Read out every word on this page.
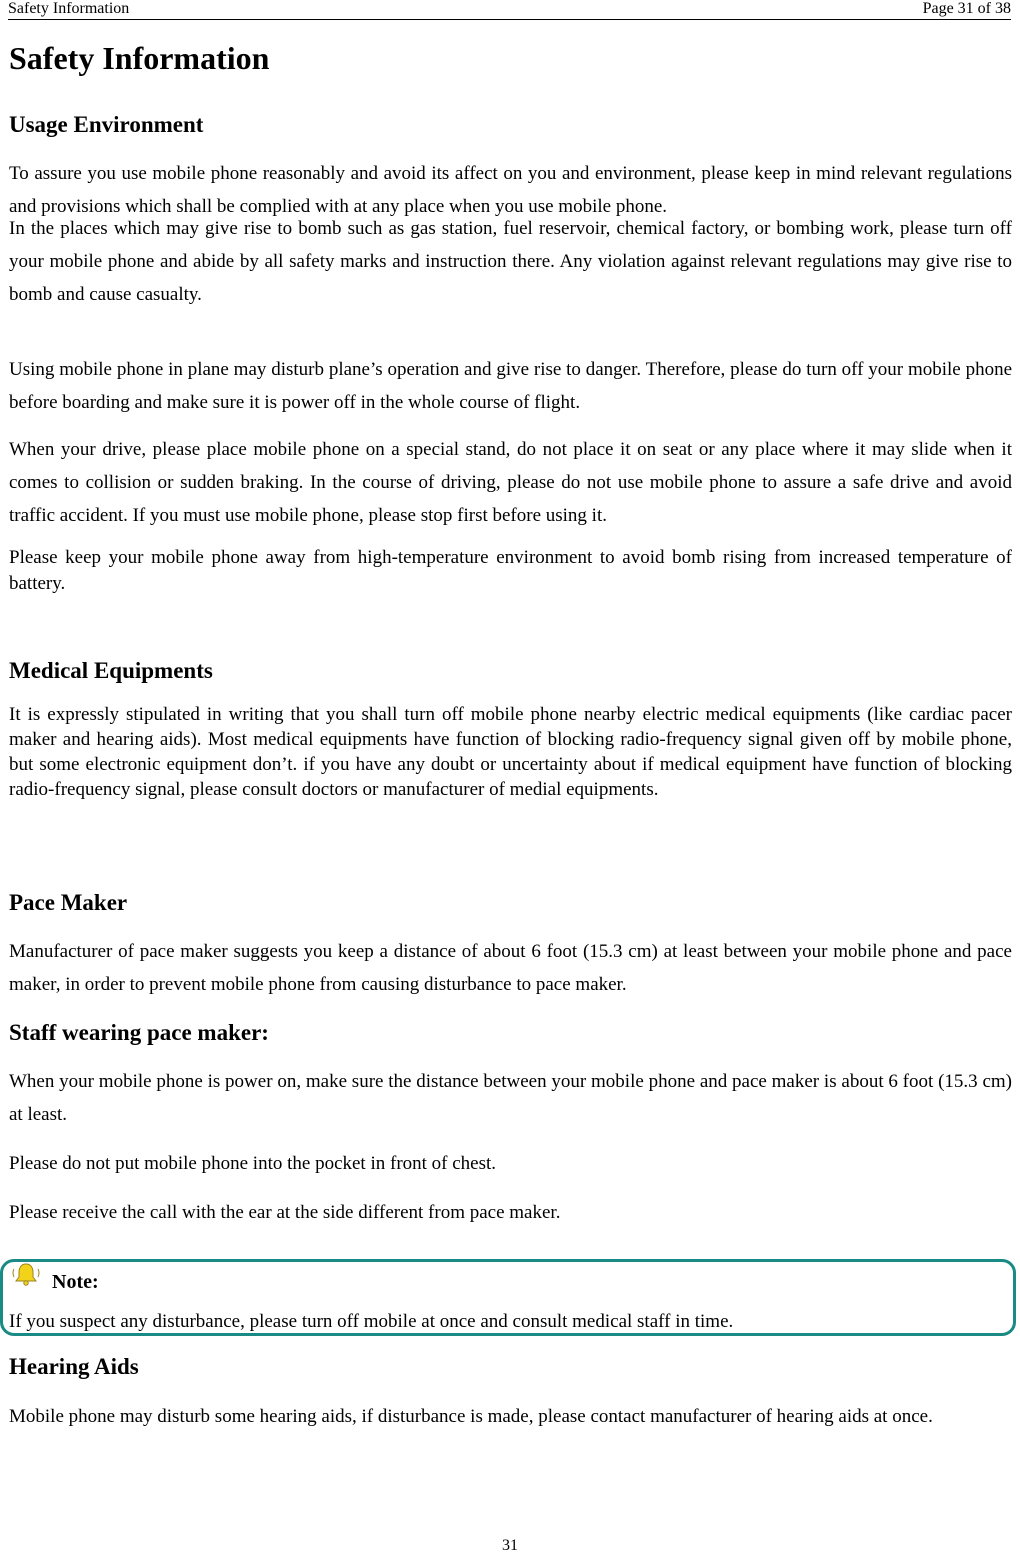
Safety Information	Page 31 of 38
Safety Information
Usage Environment

To assure you use mobile phone reasonably and avoid its affect on you and environment, please keep in mind relevant regulations and provisions which shall be complied with at any place when you use mobile phone.

In the places which may give rise to bomb such as gas station, fuel reservoir, chemical factory, or bombing work, please turn off your mobile phone and abide by all safety marks and instruction there. Any violation against relevant regulations may give rise to bomb and cause casualty.

Using mobile phone in plane may disturb plane’s operation and give rise to danger. Therefore, please do turn off your mobile phone before boarding and make sure it is power off in the whole course of flight.

When your drive, please place mobile phone on a special stand, do not place it on seat or any place where it may slide when it comes to collision or sudden braking. In the course of driving, please do not use mobile phone to assure a safe drive and avoid traffic accident. If you must use mobile phone, please stop first before using it.

Please keep your mobile phone away from high-temperature environment to avoid bomb rising from increased temperature of battery.

Medical Equipments

It is expressly stipulated in writing that you shall turn off mobile phone nearby electric medical equipments (like cardiac pacer maker and hearing aids). Most medical equipments have function of blocking radio-frequency signal given off by mobile phone, but some electronic equipment don’t. if you have any doubt or uncertainty about if medical equipment have function of blocking radio-frequency signal, please consult doctors or manufacturer of medial equipments.

Pace Maker

Manufacturer of pace maker suggests you keep a distance of about 6 foot (15.3 cm) at least between your mobile phone and pace maker, in order to prevent mobile phone from causing disturbance to pace maker.

Staff wearing pace maker:

When your mobile phone is power on, make sure the distance between your mobile phone and pace maker is about 6 foot (15.3 cm) at least.

Please do not put mobile phone into the pocket in front of chest.

Please receive the call with the ear at the side different from pace maker.

Note:

If you suspect any disturbance, please turn off mobile at once and consult medical staff in time.

Hearing Aids

Mobile phone may disturb some hearing aids, if disturbance is made, please contact manufacturer of hearing aids at once.

31
